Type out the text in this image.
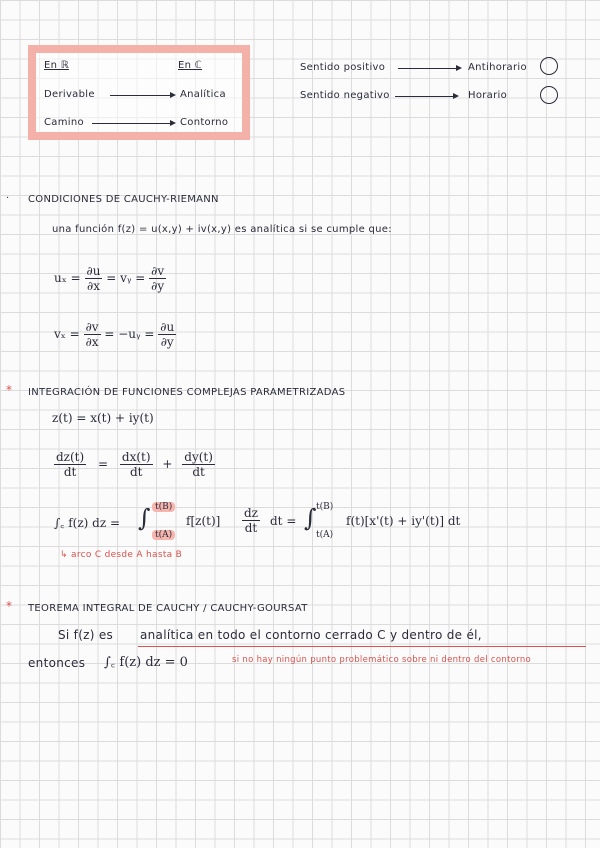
En ℝ	En ℂ
Derivable	Analítica
Camino	Contorno
Sentido positivo	Antihorario
Sentido negativo	Horario
· CONDICIONES DE CAUCHY-RIEMANN
una función f(z) = u(x,y) + iv(x,y) es analítica si se cumple que:
$u_x = \frac{\partial u}{\partial x}$ = vᵧ = $\frac{\partial v}{\partial y}$
$v_x = \frac{\partial v}{\partial x}$ = −uᵧ = $\frac{\partial u}{\partial y}$
* INTEGRACIÓN DE FUNCIONES COMPLEJAS PARAMETRIZADAS
z(t) = x(t) + iy(t)
$\frac{dz(t)}{dt} = \frac{dx(t)}{dt} + \frac{dy(t)}{dt}$
∫꜀ f(z) dz = ∫ t(B)
t(A)
$f[z(t)] \frac{dz}{dt}$ dt = ∫ t(B)
t(A)
f(t)[x'(t) + iy'(t)] dt
↳ arco C desde A hasta B
* TEOREMA INTEGRAL DE CAUCHY / CAUCHY-GOURSAT
Si f(z) es analítica en todo el contorno cerrado C y dentro de él,
entonces ∫꜀ f(z) dz = 0	si no hay ningún punto problemático sobre ni dentro del contorno
